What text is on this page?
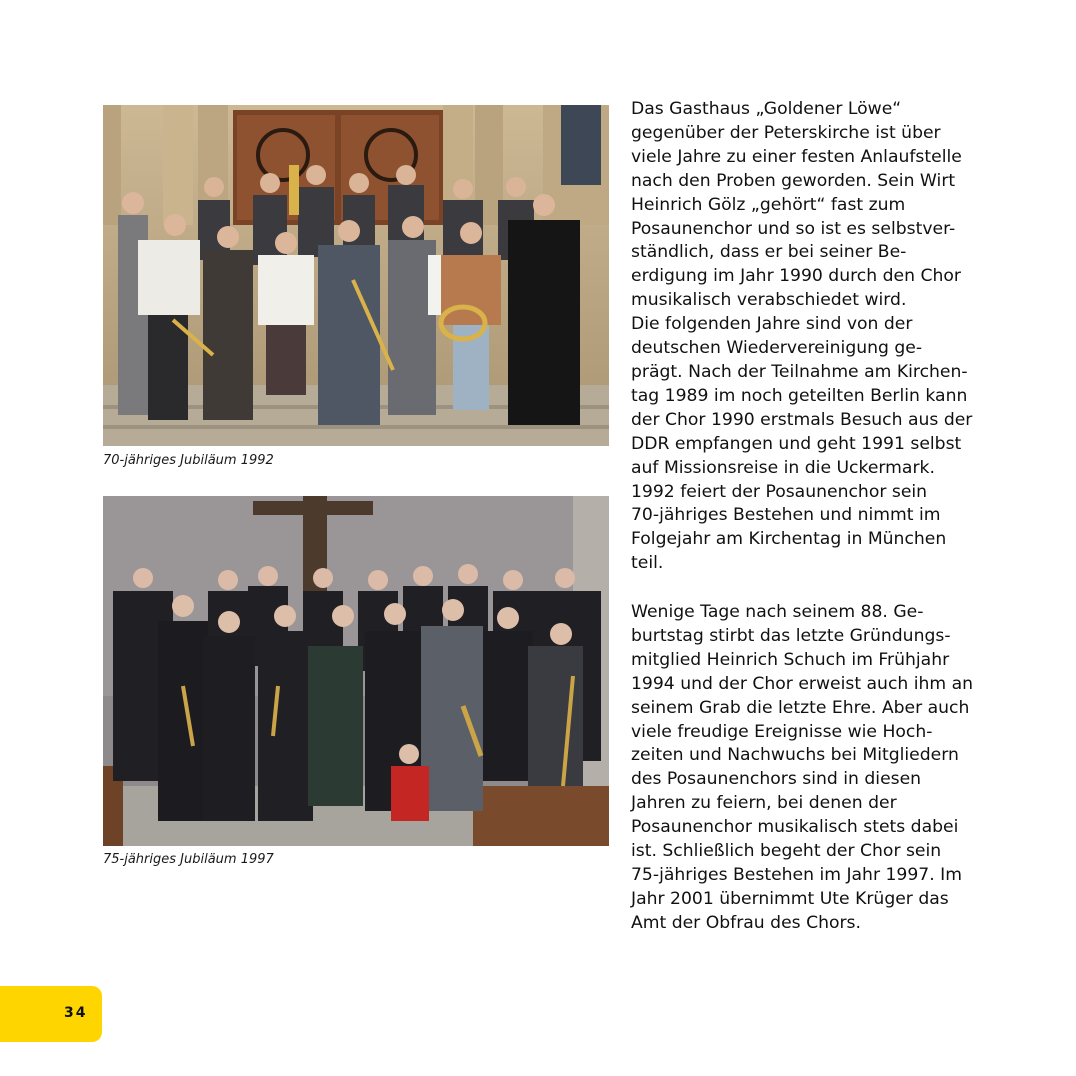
70-jähriges Jubiläum 1992
75-jähriges Jubiläum 1997
Das Gasthaus „Goldener Löwe“
gegenüber der Peterskirche ist über
viele Jahre zu einer festen Anlaufstelle
nach den Proben geworden. Sein Wirt
Heinrich Gölz „gehört“ fast zum
Posaunenchor und so ist es selbstver-
ständlich, dass er bei seiner Be-
erdigung im Jahr 1990 durch den Chor
musikalisch verabschiedet wird.
Die folgenden Jahre sind von der
deutschen Wiedervereinigung ge-
prägt. Nach der Teilnahme am Kirchen-
tag 1989 im noch geteilten Berlin kann
der Chor 1990 erstmals Besuch aus der
DDR empfangen und geht 1991 selbst
auf Missionsreise in die Uckermark.
1992 feiert der Posaunenchor sein
70-jähriges Bestehen und nimmt im
Folgejahr am Kirchentag in München
teil.
Wenige Tage nach seinem 88. Ge-
burtstag stirbt das letzte Gründungs-
mitglied Heinrich Schuch im Frühjahr
1994 und der Chor erweist auch ihm an
seinem Grab die letzte Ehre. Aber auch
viele freudige Ereignisse wie Hoch-
zeiten und Nachwuchs bei Mitgliedern
des Posaunenchors sind in diesen
Jahren zu feiern, bei denen der
Posaunenchor musikalisch stets dabei
ist. Schließlich begeht der Chor sein
75-jähriges Bestehen im Jahr 1997. Im
Jahr 2001 übernimmt Ute Krüger das
Amt der Obfrau des Chors.
34
